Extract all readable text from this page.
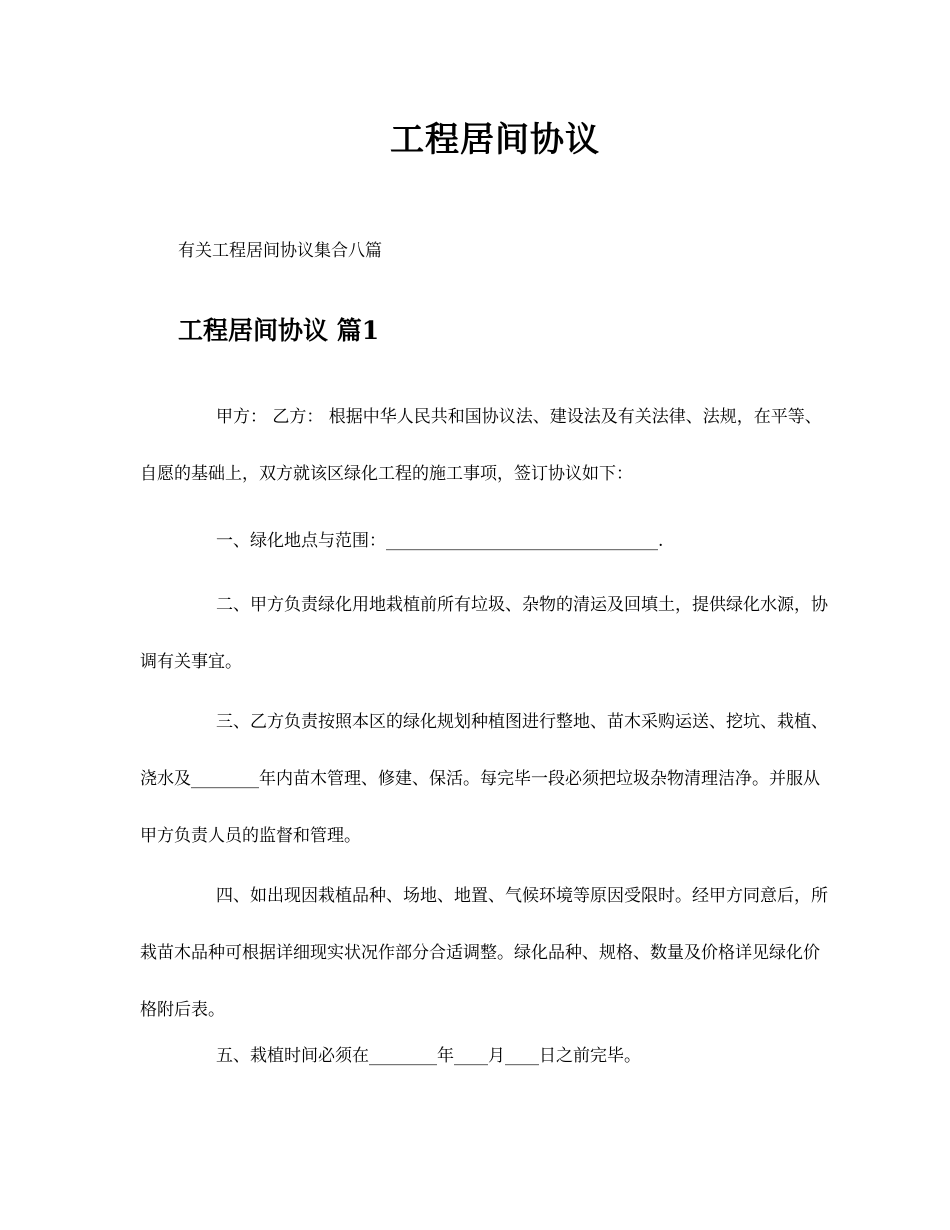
工程居间协议

有关工程居间协议集合八篇

工程居间协议 篇1

甲方： 乙方： 根据中华人民共和国协议法、建设法及有关法律、法规，在平等、自愿的基础上，双方就该区绿化工程的施工事项，签订协议如下：

一、绿化地点与范围：________________________________.

二、甲方负责绿化用地栽植前所有垃圾、杂物的清运及回填土，提供绿化水源，协调有关事宜。

三、乙方负责按照本区的绿化规划种植图进行整地、苗木采购运送、挖坑、栽植、浇水及________年内苗木管理、修建、保活。每完毕一段必须把垃圾杂物清理洁净。并服从甲方负责人员的监督和管理。

四、如出现因栽植品种、场地、地置、气候环境等原因受限时。经甲方同意后，所栽苗木品种可根据详细现实状况作部分合适调整。绿化品种、规格、数量及价格详见绿化价格附后表。

五、栽植时间必须在________年____月____日之前完毕。
